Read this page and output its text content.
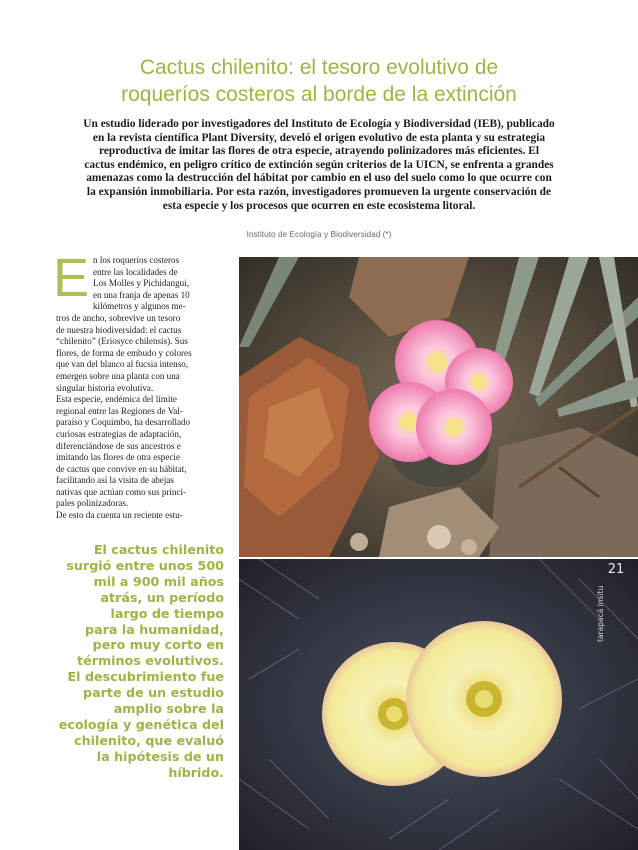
Cactus chilenito: el tesoro evolutivo de
roqueríos costeros al borde de la extinción
Un estudio liderado por investigadores del Instituto de Ecología y Biodiversidad (IEB), publicado
en la revista científica Plant Diversity, develó el origen evolutivo de esta planta y su estrategia
reproductiva de imitar las flores de otra especie, atrayendo polinizadores más eficientes. El
cactus endémico, en peligro crítico de extinción según criterios de la UICN, se enfrenta a grandes
amenazas como la destrucción del hábitat por cambio en el uso del suelo como lo que ocurre con
la expansión inmobiliaria. Por esta razón, investigadores promueven la urgente conservación de
esta especie y los procesos que ocurren en este ecosistema litoral.
Instituto de Ecología y Biodiversidad (*)
E n los roqueríos costeros
entre las localidades de
Los Molles y Pichidangui,
en una franja de apenas 10
kilómetros y algunos me-
tros de ancho, sobrevive un tesoro
de nuestra biodiversidad: el cactus
“chilenito” (Eriosyce chilensis). Sus
flores, de forma de embudo y colores
que van del blanco al fucsia intenso,
emergen sobre una planta con una
singular historia evolutiva.
Esta especie, endémica del límite
regional entre las Regiones de Val-
paraíso y Coquimbo, ha desarrollado
curiosas estrategias de adaptación,
diferenciándose de sus ancestros e
imitando las flores de otra especie
de cactus que convive en su hábitat,
facilitando así la visita de abejas
nativas que actúan como sus princi-
pales polinizadoras.
De esto da cuenta un reciente estu-
El cactus chilenito
surgió entre unos 500
mil a 900 mil años
atrás, un período
largo de tiempo
para la humanidad,
pero muy corto en
términos evolutivos.
El descubrimiento fue
parte de un estudio
amplio sobre la
ecología y genética del
chilenito, que evaluó
la hipótesis de un
híbrido.
21
tarapacá insitu
